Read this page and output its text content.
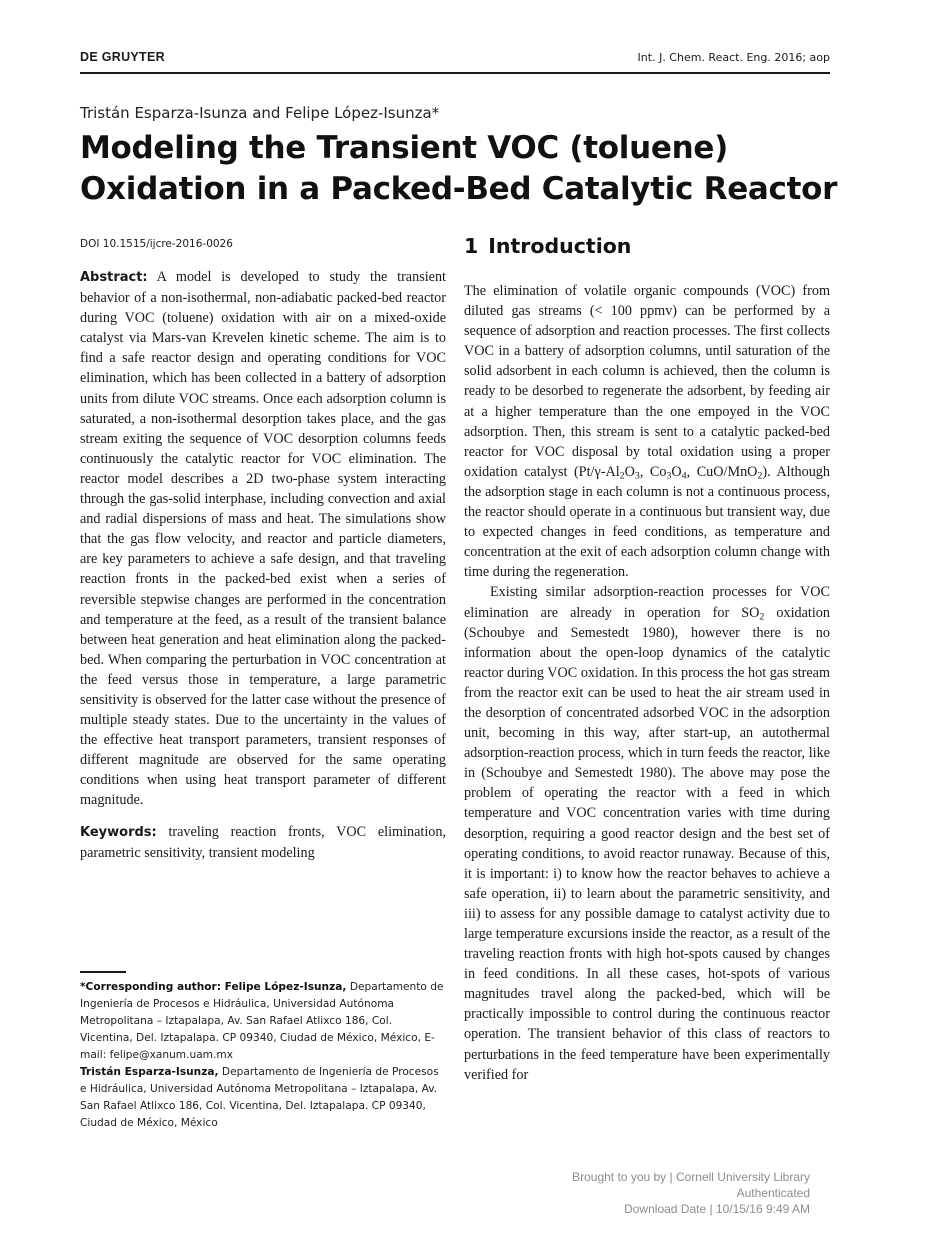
DE GRUYTER	Int. J. Chem. React. Eng. 2016; aop
Tristán Esparza-Isunza and Felipe López-Isunza*
Modeling the Transient VOC (toluene) Oxidation in a Packed-Bed Catalytic Reactor
DOI 10.1515/ijcre-2016-0026

Abstract: A model is developed to study the transient behavior of a non-isothermal, non-adiabatic packed-bed reactor during VOC (toluene) oxidation with air on a mixed-oxide catalyst via Mars-van Krevelen kinetic scheme. The aim is to find a safe reactor design and operating conditions for VOC elimination, which has been collected in a battery of adsorption units from dilute VOC streams. Once each adsorption column is saturated, a non-isothermal desorption takes place, and the gas stream exiting the sequence of VOC desorption columns feeds continuously the catalytic reactor for VOC elimination. The reactor model describes a 2D two-phase system interacting through the gas-solid interphase, including convection and axial and radial dispersions of mass and heat. The simulations show that the gas flow velocity, and reactor and particle diameters, are key parameters to achieve a safe design, and that traveling reaction fronts in the packed-bed exist when a series of reversible stepwise changes are performed in the concentration and temperature at the feed, as a result of the transient balance between heat generation and heat elimination along the packed-bed. When comparing the perturbation in VOC concentration at the feed versus those in temperature, a large parametric sensitivity is observed for the latter case without the presence of multiple steady states. Due to the uncertainty in the values of the effective heat transport parameters, transient responses of different magnitude are observed for the same operating conditions when using heat transport parameter of different magnitude.

Keywords: traveling reaction fronts, VOC elimination, parametric sensitivity, transient modeling

*Corresponding author: Felipe López-Isunza, Departamento de Ingeniería de Procesos e Hidráulica, Universidad Autónoma Metropolitana – Iztapalapa, Av. San Rafael Atlixco 186, Col. Vicentina, Del. Iztapalapa. CP 09340, Ciudad de México, México, E-mail: felipe@xanum.uam.mx

Tristán Esparza-Isunza, Departamento de Ingeniería de Procesos e Hidráulica, Universidad Autónoma Metropolitana – Iztapalapa, Av. San Rafael Atlixco 186, Col. Vicentina, Del. Iztapalapa. CP 09340, Ciudad de México, México

1 Introduction

The elimination of volatile organic compounds (VOC) from diluted gas streams (< 100 ppmv) can be performed by a sequence of adsorption and reaction processes. The first collects VOC in a battery of adsorption columns, until saturation of the solid adsorbent in each column is achieved, then the column is ready to be desorbed to regenerate the adsorbent, by feeding air at a higher temperature than the one empoyed in the VOC adsorption. Then, this stream is sent to a catalytic packed-bed reactor for VOC disposal by total oxidation using a proper oxidation catalyst ($Pt/\gamma-Al_2O_3$, $Co_3O_4$, CuO/MnO$_2$). Although the adsorption stage in each column is not a continuous process, the reactor should operate in a continuous but transient way, due to expected changes in feed conditions, as temperature and concentration at the exit of each adsorption column change with time during the regeneration.

Existing similar adsorption-reaction processes for VOC elimination are already in operation for $SO_2$ oxidation (Schoubye and Semestedt 1980), however there is no information about the open-loop dynamics of the catalytic reactor during VOC oxidation. In this process the hot gas stream from the reactor exit can be used to heat the air stream used in the desorption of concentrated adsorbed VOC in the adsorption unit, becoming in this way, after start-up, an autothermal adsorption-reaction process, which in turn feeds the reactor, like in (Schoubye and Semestedt 1980). The above may pose the problem of operating the reactor with a feed in which temperature and VOC concentration varies with time during desorption, requiring a good reactor design and the best set of operating conditions, to avoid reactor runaway. Because of this, it is important: i) to know how the reactor behaves to achieve a safe operation, ii) to learn about the parametric sensitivity, and iii) to assess for any possible damage to catalyst activity due to large temperature excursions inside the reactor, as a result of the traveling reaction fronts with high hot-spots caused by changes in feed conditions. In all these cases, hot-spots of various magnitudes travel along the packed-bed, which will be practically impossible to control during the continuous reactor operation. The transient behavior of this class of reactors to perturbations in the feed temperature have been experimentally verified for

Brought to you by | Cornell University Library
Authenticated
Download Date | 10/15/16 9:49 AM
